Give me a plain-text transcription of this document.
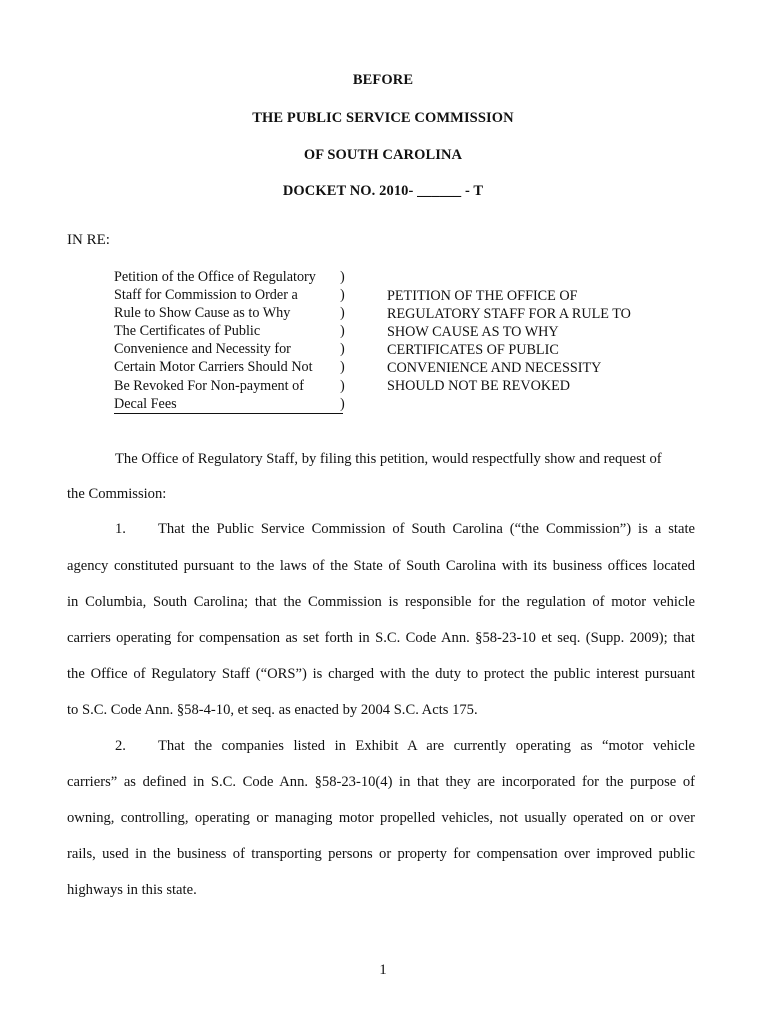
BEFORE
THE PUBLIC SERVICE COMMISSION
OF SOUTH CAROLINA
DOCKET NO. 2010- ______ - T
IN RE:
Petition of the Office of Regulatory )
Staff for Commission to Order a	)
Rule to Show Cause as to Why	)
The Certificates of Public	)
Convenience and Necessity for	)
Certain Motor Carriers Should Not )
Be Revoked For Non-payment of	)
Decal Fees	)
PETITION OF THE OFFICE OF
REGULATORY STAFF FOR A RULE TO
SHOW CAUSE AS TO WHY
CERTIFICATES OF PUBLIC
CONVENIENCE AND NECESSITY
SHOULD NOT BE REVOKED
The Office of Regulatory Staff, by filing this petition, would respectfully show and request of
the Commission:
1.	That the Public Service Commission of South Carolina (“the Commission”) is a state
agency constituted pursuant to the laws of the State of South Carolina with its business offices located
in Columbia, South Carolina; that the Commission is responsible for the regulation of motor vehicle
carriers operating for compensation as set forth in S.C. Code Ann. §58-23-10 et seq. (Supp. 2009); that
the Office of Regulatory Staff (“ORS”) is charged with the duty to protect the public interest pursuant
to S.C. Code Ann. §58-4-10, et seq. as enacted by 2004 S.C. Acts 175.
2.	That the companies listed in Exhibit A are currently operating as “motor vehicle
carriers” as defined in S.C. Code Ann. §58-23-10(4) in that they are incorporated for the purpose of
owning, controlling, operating or managing motor propelled vehicles, not usually operated on or over
rails, used in the business of transporting persons or property for compensation over improved public
highways in this state.
1
